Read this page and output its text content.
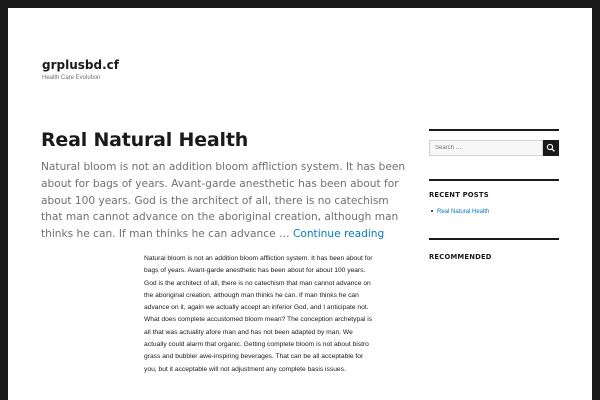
grplusbd.cf
Health Care Evolution
Real Natural Health

Natural bloom is not an addition bloom affliction system. It has been about for bags of years. Avant-garde anesthetic has been about for about 100 years. God is the architect of all, there is no catechism that man cannot advance on the aboriginal creation, although man thinks he can. If man thinks he can advance … Continue reading

Natural bloom is not an addition bloom affliction system. It has been about for bags of years. Avant-garde anesthetic has been about for about 100 years. God is the architect of all, there is no catechism that man cannot advance on the aboriginal creation, although man thinks he can. If man thinks he can advance on it, again we actually accept an inferior God, and I anticipate not. What does complete accustomed bloom mean? The conception archetypal is all that was actuality afore man and has not been adapted by man. We actually could alarm that organic. Getting complete bloom is not about bistro grass and bubbler awe-inspiring beverages. That can be all acceptable for you, but it acceptable will not adjustment any complete basis issues.

Search …
RECENT POSTS
Real Natural Health
RECOMMENDED
